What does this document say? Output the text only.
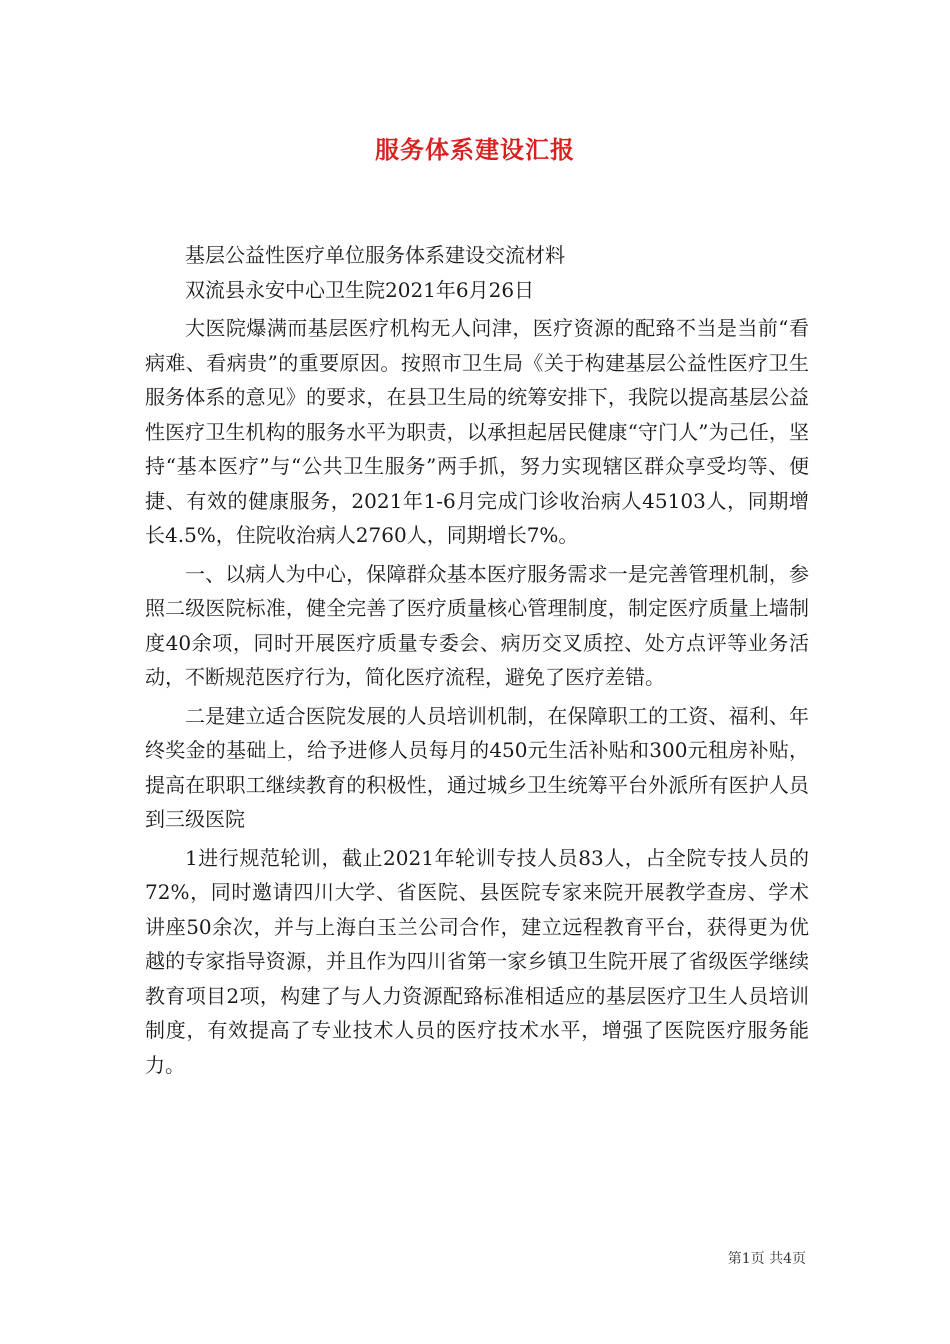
服务体系建设汇报

基层公益性医疗单位服务体系建设交流材料

双流县永安中心卫生院2021年6月26日

大医院爆满而基层医疗机构无人问津，医疗资源的配臵不当是当前“看病难、看病贵”的重要原因。按照市卫生局《关于构建基层公益性医疗卫生服务体系的意见》的要求，在县卫生局的统筹安排下，我院以提高基层公益性医疗卫生机构的服务水平为职责，以承担起居民健康“守门人”为己任，坚持“基本医疗”与“公共卫生服务”两手抓，努力实现辖区群众享受均等、便捷、有效的健康服务，2021年1-6月完成门诊收治病人45103人，同期增长4.5%，住院收治病人2760人，同期增长7%。

一、以病人为中心，保障群众基本医疗服务需求一是完善管理机制，参照二级医院标准，健全完善了医疗质量核心管理制度，制定医疗质量上墙制度40余项，同时开展医疗质量专委会、病历交叉质控、处方点评等业务活动，不断规范医疗行为，简化医疗流程，避免了医疗差错。

二是建立适合医院发展的人员培训机制，在保障职工的工资、福利、年终奖金的基础上，给予进修人员每月的450元生活补贴和300元租房补贴，提高在职职工继续教育的积极性，通过城乡卫生统筹平台外派所有医护人员到三级医院

1进行规范轮训，截止2021年轮训专技人员83人，占全院专技人员的72%，同时邀请四川大学、省医院、县医院专家来院开展教学查房、学术讲座50余次，并与上海白玉兰公司合作，建立远程教育平台，获得更为优越的专家指导资源，并且作为四川省第一家乡镇卫生院开展了省级医学继续教育项目2项，构建了与人力资源配臵标准相适应的基层医疗卫生人员培训制度，有效提高了专业技术人员的医疗技术水平，增强了医院医疗服务能力。

第1页 共4页
